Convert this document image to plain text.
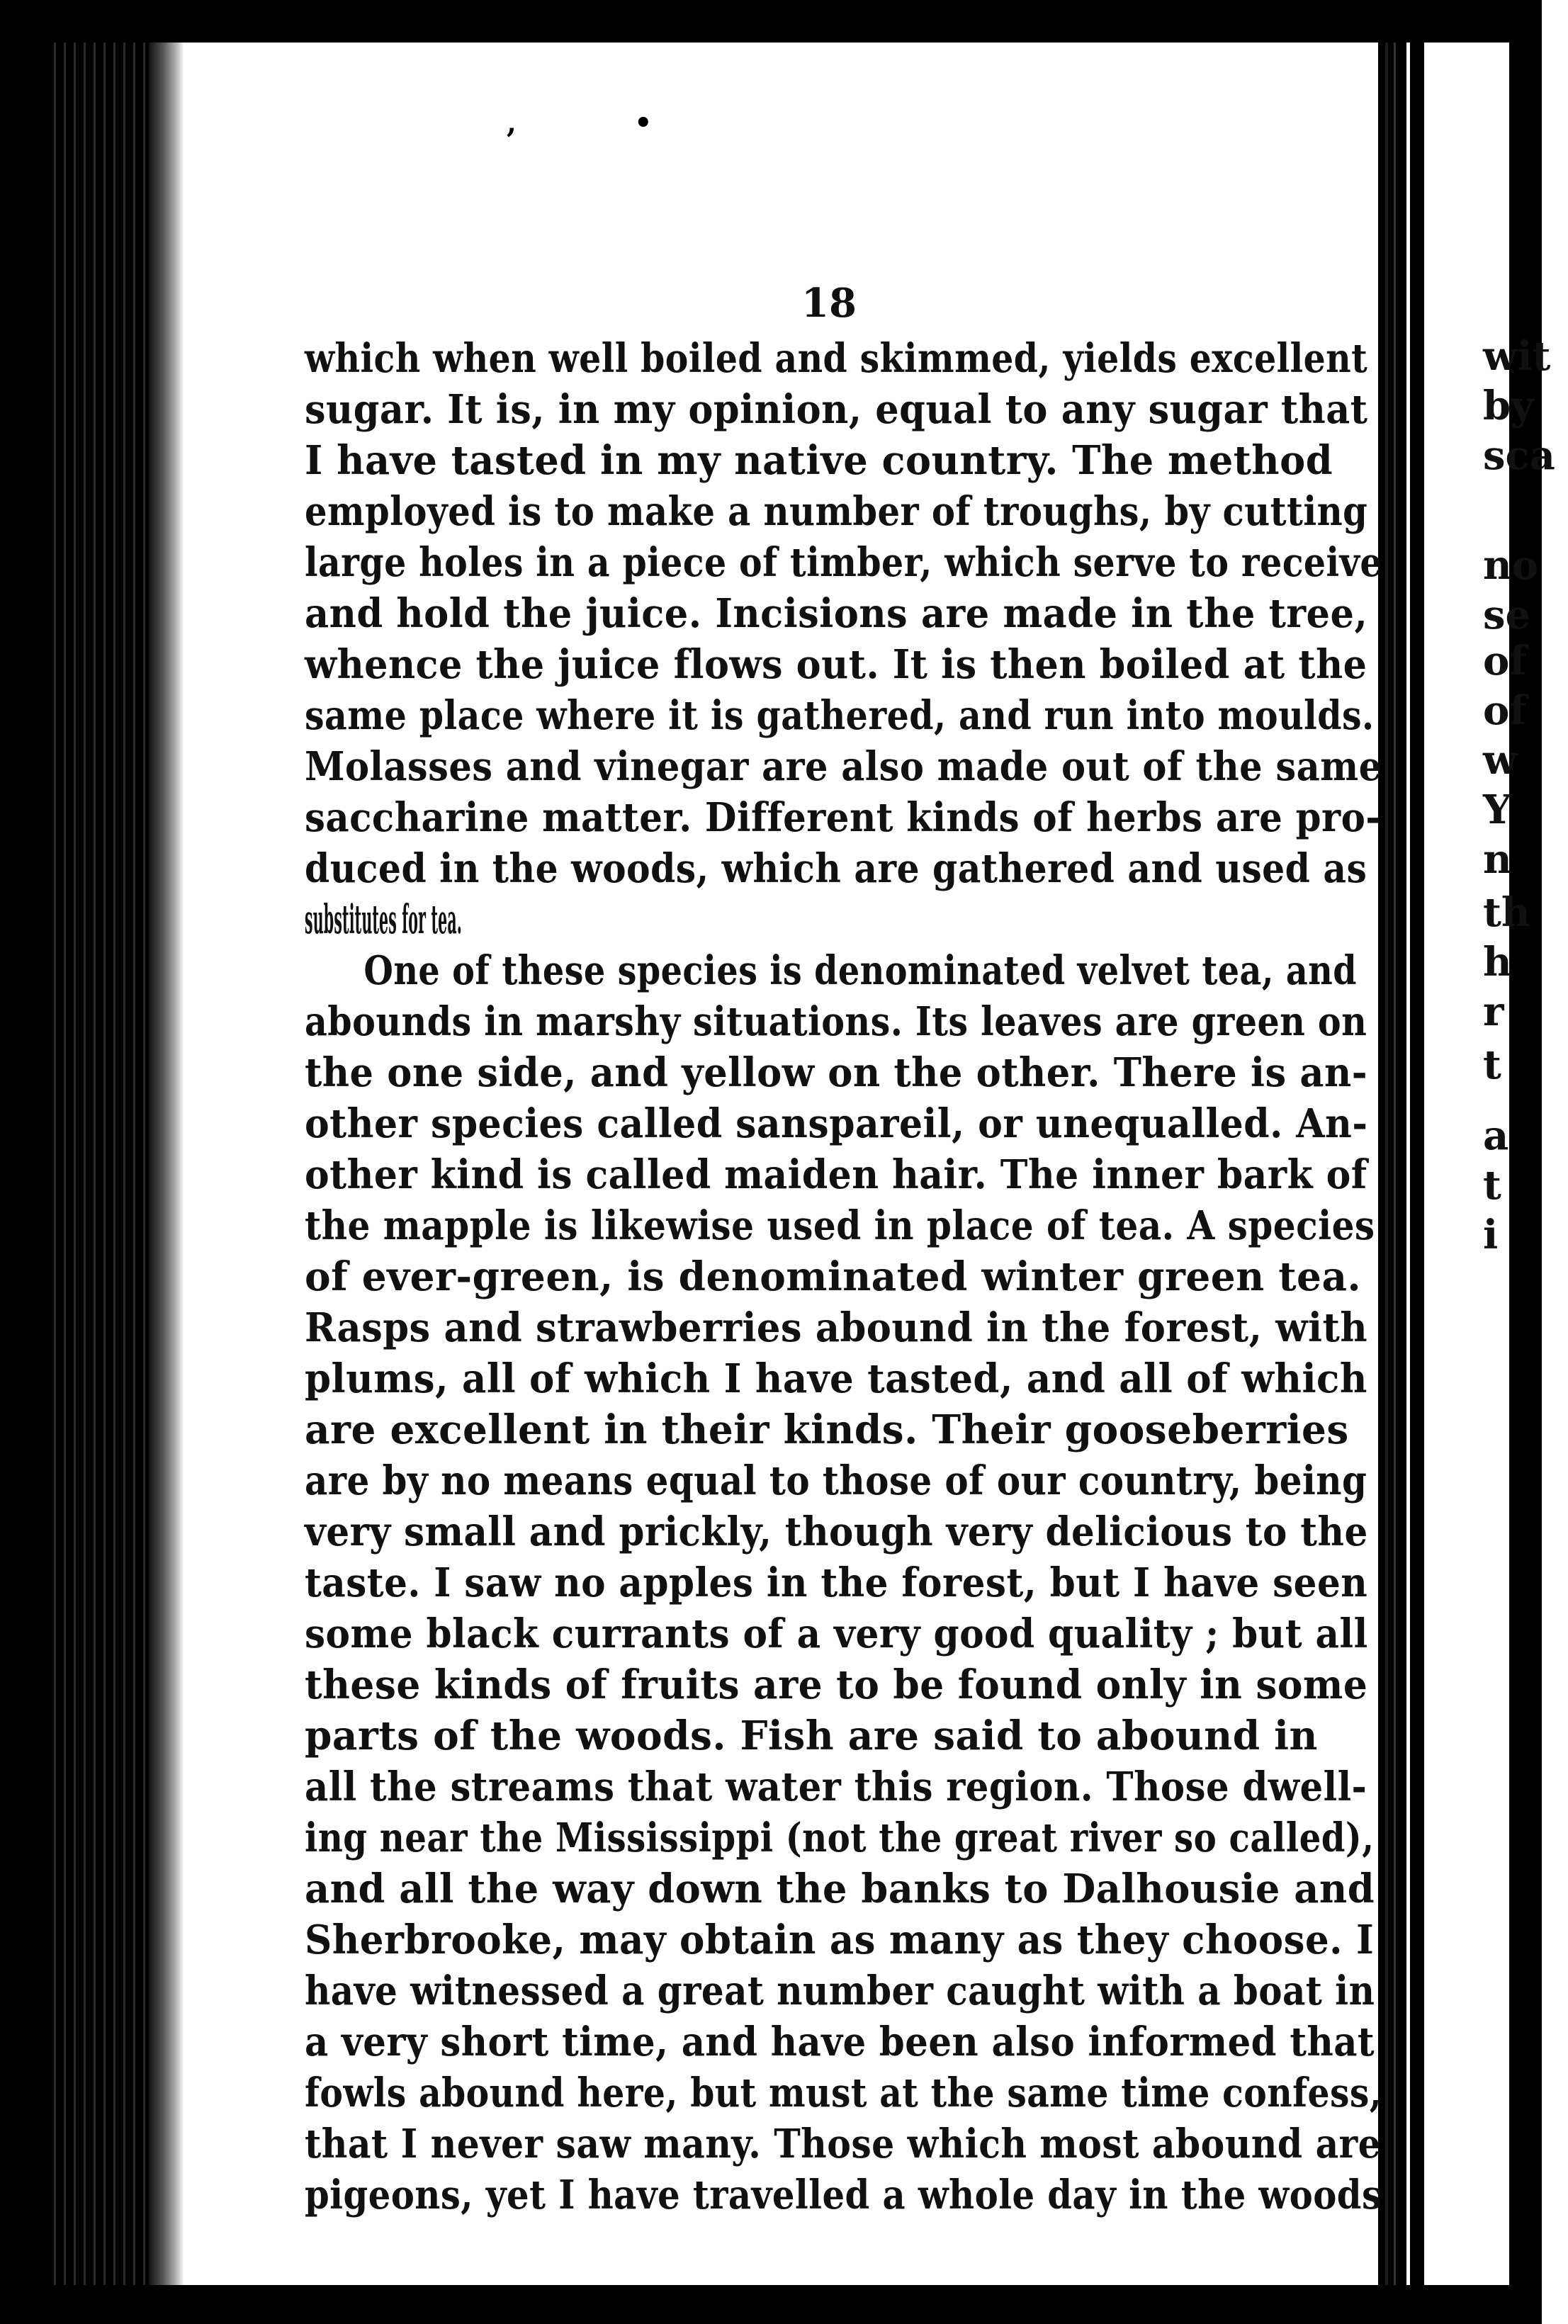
,	•
18
which when well boiled and skimmed, yields excellent
sugar. It is, in my opinion, equal to any sugar that
I have tasted in my native country. The method
employed is to make a number of troughs, by cutting
large holes in a piece of timber, which serve to receive
and hold the juice. Incisions are made in the tree,
whence the juice flows out. It is then boiled at the
same place where it is gathered, and run into moulds.
Molasses and vinegar are also made out of the same
saccharine matter. Different kinds of herbs are pro-
duced in the woods, which are gathered and used as
substitutes for tea.
One of these species is denominated velvet tea, and
abounds in marshy situations. Its leaves are green on
the one side, and yellow on the other. There is an-
other species called sanspareil, or unequalled. An-
other kind is called maiden hair. The inner bark of
the mapple is likewise used in place of tea. A species
of ever-green, is denominated winter green tea.
Rasps and strawberries abound in the forest, with
plums, all of which I have tasted, and all of which
are excellent in their kinds. Their gooseberries
are by no means equal to those of our country, being
very small and prickly, though very delicious to the
taste. I saw no apples in the forest, but I have seen
some black currants of a very good quality ; but all
these kinds of fruits are to be found only in some
parts of the woods. Fish are said to abound in
all the streams that water this region. Those dwell-
ing near the Mississippi (not the great river so called),
and all the way down the banks to Dalhousie and
Sherbrooke, may obtain as many as they choose. I
have witnessed a great number caught with a boat in
a very short time, and have been also informed that
fowls abound here, but must at the same time confess,
that I never saw many. Those which most abound are
pigeons, yet I have travelled a whole day in the woods
wit
by
sca
no
se
of
of
w
Y
n
th
h
r
t
a
t
i
